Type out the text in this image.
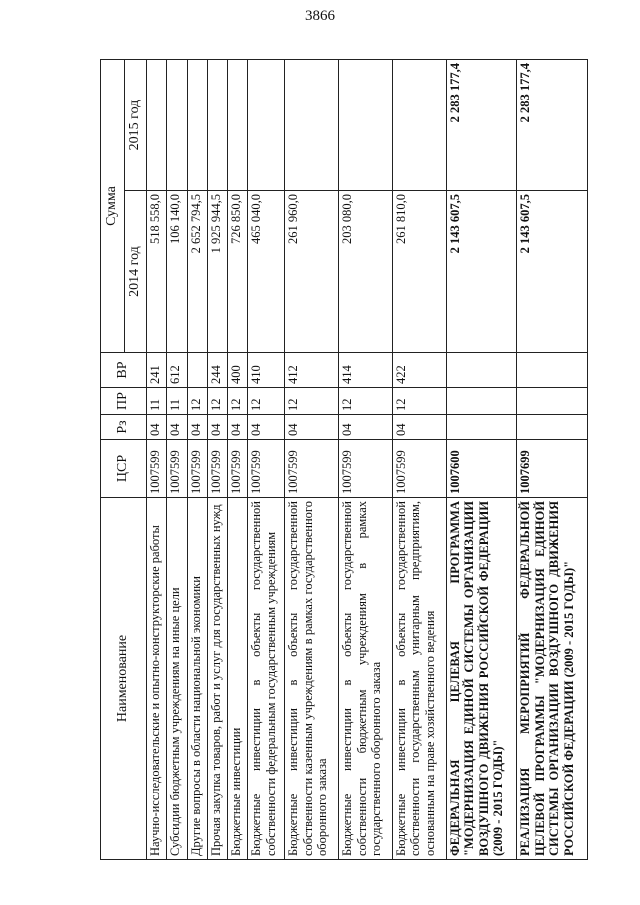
3866
Наименование	ЦСР	Рз	ПР	ВР	Сумма	
					2014 год	2015 год
Научно-исследовательские и опытно-конструкторские работы	1007599	04	11	241	518 558,0	
Субсидии бюджетным учреждениям на иные цели	1007599	04	11	612	106 140,0	
Другие вопросы в области национальной экономики	1007599	04	12		2 652 794,5	
Прочая закупка товаров, работ и услуг для государственных нужд	1007599	04	12	244	1 925 944,5	
Бюджетные инвестиции	1007599	04	12	400	726 850,0	
Бюджетные инвестиции в объекты государственной собственности федеральным государственным учреждениям	1007599	04	12	410	465 040,0	
Бюджетные инвестиции в объекты государственной собственности казенным учреждениям в рамках государственного оборонного заказа	1007599	04	12	412	261 960,0	
Бюджетные инвестиции в объекты государственной собственности бюджетным учреждениям в рамках государственного оборонного заказа	1007599	04	12	414	203 080,0	
Бюджетные инвестиции в объекты государственной собственности государственным унитарным предприятиям, основанным на праве хозяйственного ведения	1007599	04	12	422	261 810,0	
ФЕДЕРАЛЬНАЯ ЦЕЛЕВАЯ ПРОГРАММА "МОДЕРНИЗАЦИЯ ЕДИНОЙ СИСТЕМЫ ОРГАНИЗАЦИИ ВОЗДУШНОГО ДВИЖЕНИЯ РОССИЙСКОЙ ФЕДЕРАЦИИ (2009 - 2015 ГОДЫ)"	1007600				2 143 607,5	2 283 177,4
РЕАЛИЗАЦИЯ МЕРОПРИЯТИЙ ФЕДЕРАЛЬНОЙ ЦЕЛЕВОЙ ПРОГРАММЫ "МОДЕРНИЗАЦИЯ ЕДИНОЙ СИСТЕМЫ ОРГАНИЗАЦИИ ВОЗДУШНОГО ДВИЖЕНИЯ РОССИЙСКОЙ ФЕДЕРАЦИИ (2009 - 2015 ГОДЫ)"	1007699				2 143 607,5	2 283 177,4
